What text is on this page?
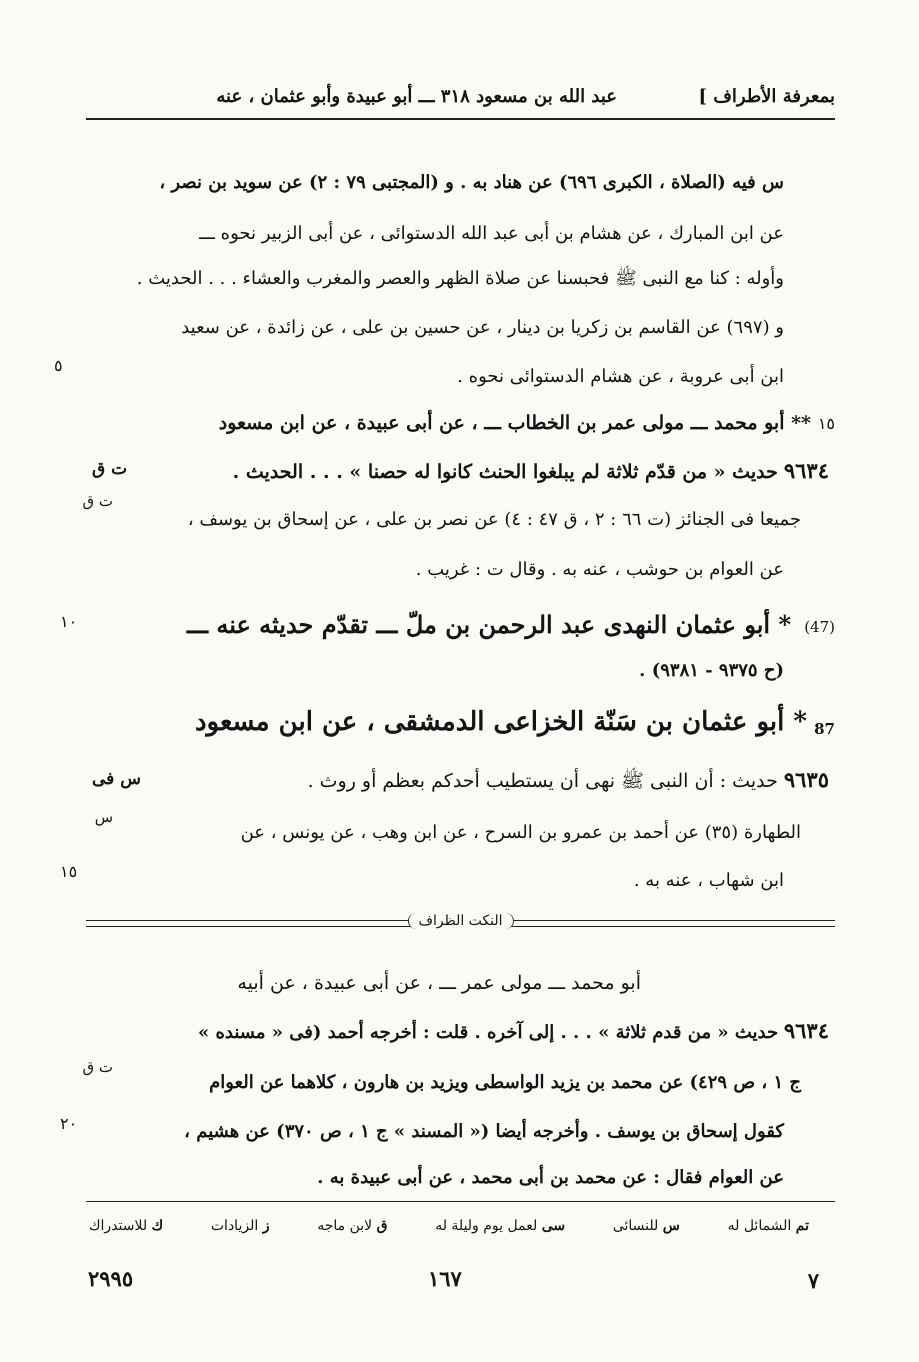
بمعرفة الأطراف ]
عبد الله بن مسعود ٣١٨ ـــ أبو عبيدة وأبو عثمان ، عنه
س فيه (الصلاة ، الكبرى ٦٩٦) عن هناد به . و (المجتبى ٧٩ : ٢) عن سويد بن نصر ،
عن ابن المبارك ، عن هشام بن أبى عبد الله الدستوائى ، عن أبى الزبير نحوه ـــ
وأوله : كنا مع النبى ﷺ فحبسنا عن صلاة الظهر والعصر والمغرب والعشاء . . . الحديث .
و (٦٩٧) عن القاسم بن زكريا بن دينار ، عن حسين بن على ، عن زائدة ، عن سعيد
ابن أبى عروبة ، عن هشام الدستوائى نحوه .
٥
١٥
** أبو محمد ـــ مولى عمر بن الخطاب ـــ ، عن أبى عبيدة ، عن ابن مسعود
٩٦٣٤ حديث « من قدّم ثلاثة لم يبلغوا الحنث كانوا له حصنا » . . . الحديث .
ت ق
ت ق
جميعا فى الجنائز (ت ٦٦ : ٢ ، ق ٤٧ : ٤) عن نصر بن على ، عن إسحاق بن يوسف ،
عن العوام بن حوشب ، عنه به . وقال ت : غريب .
(47)
* أبو عثمان النهدى عبد الرحمن بن ملّ ـــ تقدّم حديثه عنه ـــ
١٠
(ح ٩٣٧٥ - ٩٣٨١) .
87
* أبو عثمان بن سَنّة الخزاعى الدمشقى ، عن ابن مسعود
٩٦٣٥ حديث : أن النبى ﷺ نهى أن يستطيب أحدكم بعظم أو روث .
س فى
س
الطهارة (٣٥) عن أحمد بن عمرو بن السرح ، عن ابن وهب ، عن يونس ، عن
ابن شهاب ، عنه به .
١٥
النكت الظراف
أبو محمد ـــ مولى عمر ـــ ، عن أبى عبيدة ، عن أبيه
٩٦٣٤ حديث « من قدم ثلاثة » . . . إلى آخره . قلت : أخرجه أحمد (فى « مسنده »
ت ق
ج ١ ، ص ٤٢٩) عن محمد بن يزيد الواسطى ويزيد بن هارون ، كلاهما عن العوام
كقول إسحاق بن يوسف . وأخرجه أيضا (« المسند » ج ١ ، ص ٣٧٠) عن هشيم ،
٢٠
عن العوام فقال : عن محمد بن أبى محمد ، عن أبى عبيدة به .
تم الشمائل له
س للنسائى
سى لعمل يوم وليلة له
ق لابن ماجه
ز الزيادات
ك للاستدراك
٧
١٦٧
٢٩٩٥
